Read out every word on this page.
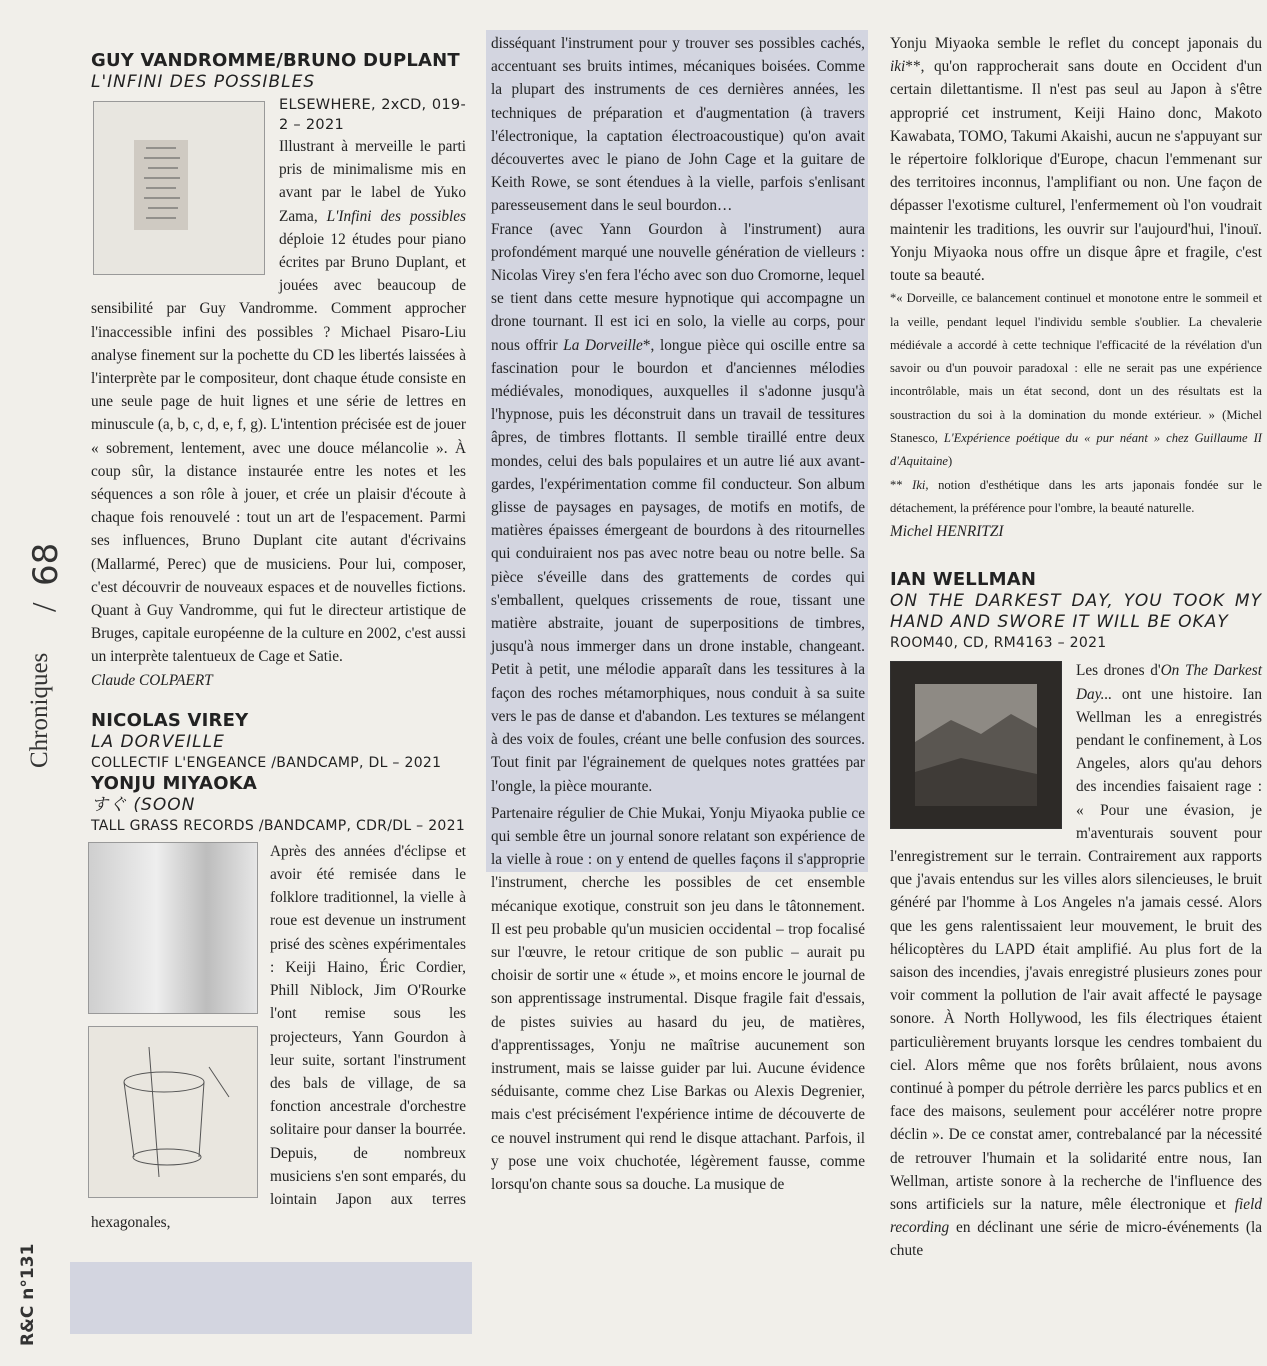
Chroniques
/
68
R&C n°131
GUY VANDROMME/BRUNO DUPLANT
L'INFINI DES POSSIBLES
ELSEWHERE, 2xCD, 019-2 – 2021

Illustrant à merveille le parti pris de minimalisme mis en avant par le label de Yuko Zama, L'Infini des possibles déploie 12 études pour piano écrites par Bruno Duplant, et jouées avec beaucoup de sensibilité par Guy Vandromme. Comment approcher l'inaccessible infini des possibles ? Michael Pisaro-Liu analyse finement sur la pochette du CD les libertés laissées à l'interprète par le compositeur, dont chaque étude consiste en une seule page de huit lignes et une série de lettres en minuscule (a, b, c, d, e, f, g). L'intention précisée est de jouer « sobrement, lentement, avec une douce mélancolie ». À coup sûr, la distance instaurée entre les notes et les séquences a son rôle à jouer, et crée un plaisir d'écoute à chaque fois renouvelé : tout un art de l'espacement. Parmi ses influences, Bruno Duplant cite autant d'écrivains (Mallarmé, Perec) que de musiciens. Pour lui, composer, c'est découvrir de nouveaux espaces et de nouvelles fictions. Quant à Guy Vandromme, qui fut le directeur artistique de Bruges, capitale européenne de la culture en 2002, c'est aussi un interprète talentueux de Cage et Satie.

Claude COLPAERT
NICOLAS VIREY
LA DORVEILLE
COLLECTIF L'ENGEANCE /BANDCAMP, DL – 2021
YONJU MIYAOKA
すぐ (SOON
TALL GRASS RECORDS /BANDCAMP, CDR/DL – 2021

Après des années d'éclipse et avoir été remisée dans le folklore traditionnel, la vielle à roue est devenue un instrument prisé des scènes expérimentales : Keiji Haino, Éric Cordier, Phill Niblock, Jim O'Rourke l'ont remise sous les projecteurs, Yann Gourdon à leur suite, sortant l'instrument des bals de village, de sa fonction ancestrale d'orchestre solitaire pour danser la bourrée. Depuis, de nombreux musiciens s'en sont emparés, du lointain Japon aux terres hexagonales,

disséquant l'instrument pour y trouver ses possibles cachés, accentuant ses bruits intimes, mécaniques boisées. Comme la plupart des instruments de ces dernières années, les techniques de préparation et d'augmentation (à travers l'électronique, la captation électroacoustique) qu'on avait découvertes avec le piano de John Cage et la guitare de Keith Rowe, se sont étendues à la vielle, parfois s'enlisant paresseusement dans le seul bourdon…

France (avec Yann Gourdon à l'instrument) aura profondément marqué une nouvelle génération de vielleurs : Nicolas Virey s'en fera l'écho avec son duo Cromorne, lequel se tient dans cette mesure hypnotique qui accompagne un drone tournant. Il est ici en solo, la vielle au corps, pour nous offrir La Dorveille*, longue pièce qui oscille entre sa fascination pour le bourdon et d'anciennes mélodies médiévales, monodiques, auxquelles il s'adonne jusqu'à l'hypnose, puis les déconstruit dans un travail de tessitures âpres, de timbres flottants. Il semble tiraillé entre deux mondes, celui des bals populaires et un autre lié aux avant-gardes, l'expérimentation comme fil conducteur. Son album glisse de paysages en paysages, de motifs en motifs, de matières épaisses émergeant de bourdons à des ritournelles qui conduiraient nos pas avec notre beau ou notre belle. Sa pièce s'éveille dans des grattements de cordes qui s'emballent, quelques crissements de roue, tissant une matière abstraite, jouant de superpositions de timbres, jusqu'à nous immerger dans un drone instable, changeant. Petit à petit, une mélodie apparaît dans les tessitures à la façon des roches métamorphiques, nous conduit à sa suite vers le pas de danse et d'abandon. Les textures se mélangent à des voix de foules, créant une belle confusion des sources. Tout finit par l'égrainement de quelques notes grattées par l'ongle, la pièce mourante.

Partenaire régulier de Chie Mukai, Yonju Miyaoka publie ce qui semble être un journal sonore relatant son expérience de la vielle à roue : on y entend de quelles façons il s'approprie l'instrument, cherche les possibles de cet ensemble mécanique exotique, construit son jeu dans le tâtonnement. Il est peu probable qu'un musicien occidental – trop focalisé sur l'œuvre, le retour critique de son public – aurait pu choisir de sortir une « étude », et moins encore le journal de son apprentissage instrumental. Disque fragile fait d'essais, de pistes suivies au hasard du jeu, de matières, d'apprentissages, Yonju ne maîtrise aucunement son instrument, mais se laisse guider par lui. Aucune évidence séduisante, comme chez Lise Barkas ou Alexis Degrenier, mais c'est précisément l'expérience intime de découverte de ce nouvel instrument qui rend le disque attachant. Parfois, il y pose une voix chuchotée, légèrement fausse, comme lorsqu'on chante sous sa douche. La musique de

Yonju Miyaoka semble le reflet du concept japonais du iki**, qu'on rapprocherait sans doute en Occident d'un certain dilettantisme. Il n'est pas seul au Japon à s'être approprié cet instrument, Keiji Haino donc, Makoto Kawabata, TOMO, Takumi Akaishi, aucun ne s'appuyant sur le répertoire folklorique d'Europe, chacun l'emmenant sur des territoires inconnus, l'amplifiant ou non. Une façon de dépasser l'exotisme culturel, l'enfermement où l'on voudrait maintenir les traditions, les ouvrir sur l'aujourd'hui, l'inouï. Yonju Miyaoka nous offre un disque âpre et fragile, c'est toute sa beauté.

*« Dorveille, ce balancement continuel et monotone entre le sommeil et la veille, pendant lequel l'individu semble s'oublier. La chevalerie médiévale a accordé à cette technique l'efficacité de la révélation d'un savoir ou d'un pouvoir paradoxal : elle ne serait pas une expérience incontrôlable, mais un état second, dont un des résultats est la soustraction du soi à la domination du monde extérieur. » (Michel Stanesco, L'Expérience poétique du « pur néant » chez Guillaume II d'Aquitaine)

** Iki, notion d'esthétique dans les arts japonais fondée sur le détachement, la préférence pour l'ombre, la beauté naturelle.

Michel HENRITZI
IAN WELLMAN
ON THE DARKEST DAY, YOU TOOK MY HAND AND SWORE IT WILL BE OKAY
ROOM40, CD, RM4163 – 2021

Les drones d'On The Darkest Day... ont une histoire. Ian Wellman les a enregistrés pendant le confinement, à Los Angeles, alors qu'au dehors des incendies faisaient rage : « Pour une évasion, je m'aventurais souvent pour l'enregistrement sur le terrain. Contrairement aux rapports que j'avais entendus sur les villes alors silencieuses, le bruit généré par l'homme à Los Angeles n'a jamais cessé. Alors que les gens ralentissaient leur mouvement, le bruit des hélicoptères du LAPD était amplifié. Au plus fort de la saison des incendies, j'avais enregistré plusieurs zones pour voir comment la pollution de l'air avait affecté le paysage sonore. À North Hollywood, les fils électriques étaient particulièrement bruyants lorsque les cendres tombaient du ciel. Alors même que nos forêts brûlaient, nous avons continué à pomper du pétrole derrière les parcs publics et en face des maisons, seulement pour accélérer notre propre déclin ». De ce constat amer, contrebalancé par la nécessité de retrouver l'humain et la solidarité entre nous, Ian Wellman, artiste sonore à la recherche de l'influence des sons artificiels sur la nature, mêle électronique et field recording en déclinant une série de micro-événements (la chute
